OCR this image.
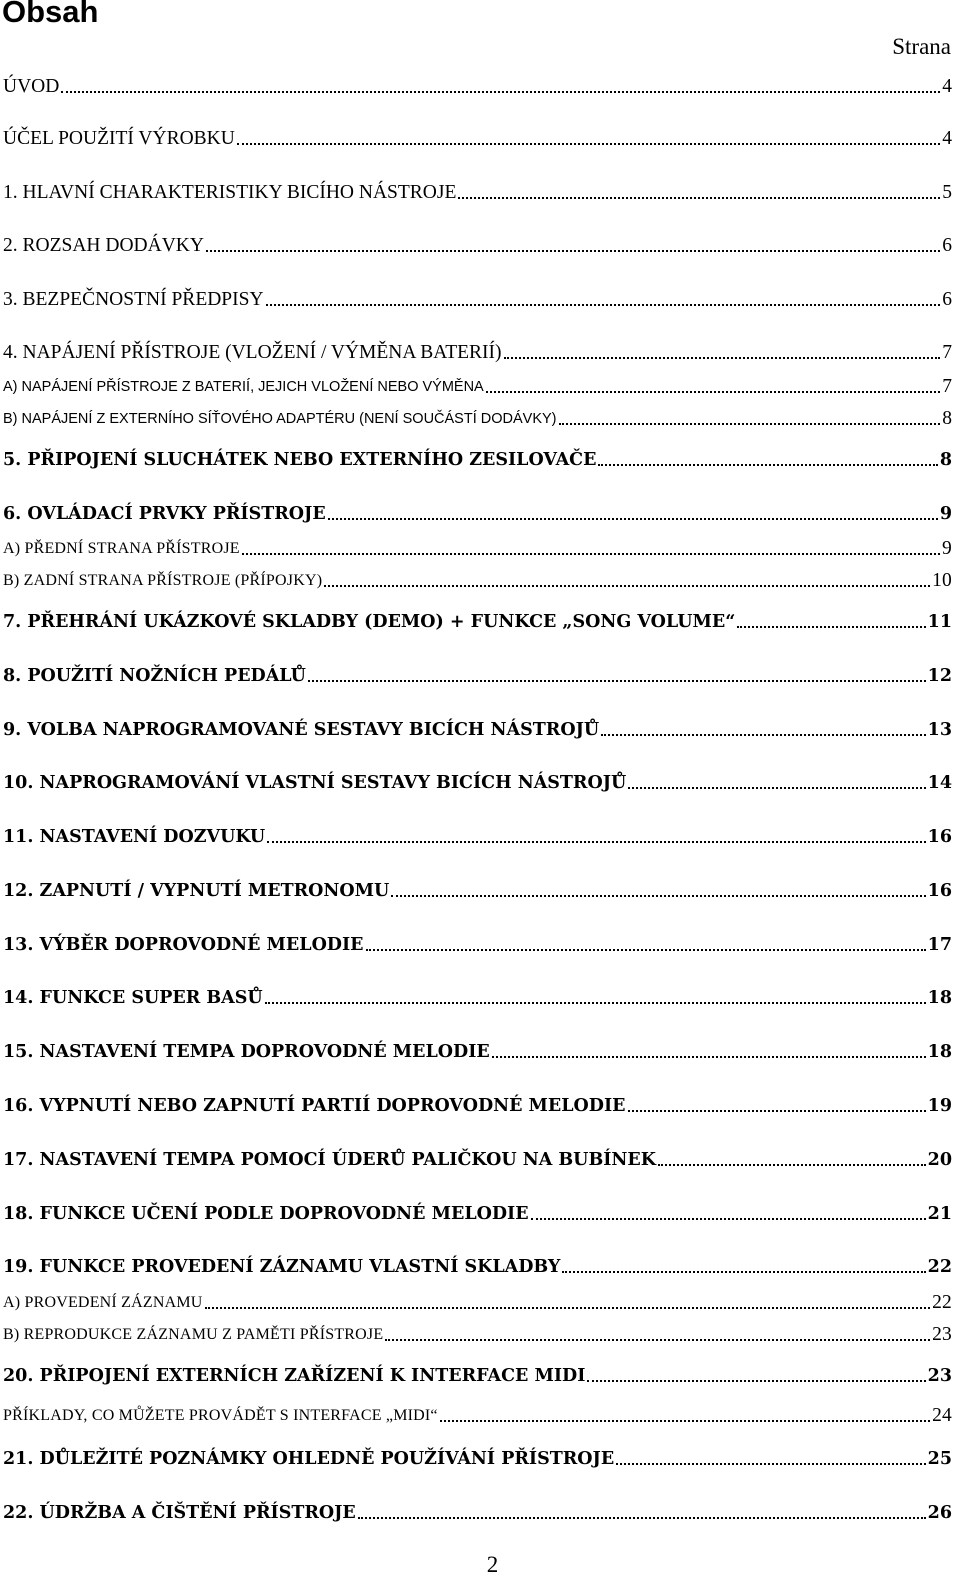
Obsah
Strana
ÚVOD	4
ÚČEL POUŽITÍ VÝROBKU	4
1. HLAVNÍ CHARAKTERISTIKY BICÍHO NÁSTROJE	5
2. ROZSAH DODÁVKY	6
3. BEZPEČNOSTNÍ PŘEDPISY	6
4. NAPÁJENÍ PŘÍSTROJE (VLOŽENÍ / VÝMĚNA BATERIÍ)	7
A) NAPÁJENÍ PŘÍSTROJE Z BATERIÍ, JEJICH VLOŽENÍ NEBO VÝMĚNA	7
B) NAPÁJENÍ Z EXTERNÍHO SÍŤOVÉHO ADAPTÉRU (NENÍ SOUČÁSTÍ DODÁVKY)	8
5. PŘIPOJENÍ SLUCHÁTEK NEBO EXTERNÍHO ZESILOVAČE	8
6. OVLÁDACÍ PRVKY PŘÍSTROJE	9
A) PŘEDNÍ STRANA PŘÍSTROJE	9
B) ZADNÍ STRANA PŘÍSTROJE (PŘÍPOJKY)	10
7. PŘEHRÁNÍ UKÁZKOVÉ SKLADBY (DEMO) + FUNKCE „SONG VOLUME“	11
8. POUŽITÍ NOŽNÍCH PEDÁLŮ	12
9. VOLBA NAPROGRAMOVANÉ SESTAVY BICÍCH NÁSTROJŮ	13
10. NAPROGRAMOVÁNÍ VLASTNÍ SESTAVY BICÍCH NÁSTROJŮ	14
11. NASTAVENÍ DOZVUKU	16
12. ZAPNUTÍ / VYPNUTÍ METRONOMU	16
13. VÝBĚR DOPROVODNÉ MELODIE	17
14. FUNKCE SUPER BASŮ	18
15. NASTAVENÍ TEMPA DOPROVODNÉ MELODIE	18
16. VYPNUTÍ NEBO ZAPNUTÍ PARTIÍ DOPROVODNÉ MELODIE	19
17. NASTAVENÍ TEMPA POMOCÍ ÚDERŮ PALIČKOU NA BUBÍNEK	20
18. FUNKCE UČENÍ PODLE DOPROVODNÉ MELODIE	21
19. FUNKCE PROVEDENÍ ZÁZNAMU VLASTNÍ SKLADBY	22
A) PROVEDENÍ ZÁZNAMU	22
B) REPRODUKCE ZÁZNAMU Z PAMĚTI PŘÍSTROJE	23
20. PŘIPOJENÍ EXTERNÍCH ZAŘÍZENÍ K INTERFACE MIDI	23
PŘÍKLADY, CO MŮŽETE PROVÁDĚT S INTERFACE „MIDI“	24
21. DŮLEŽITÉ POZNÁMKY OHLEDNĚ POUŽÍVÁNÍ PŘÍSTROJE	25
22. ÚDRŽBA A ČIŠTĚNÍ PŘÍSTROJE	26
2
